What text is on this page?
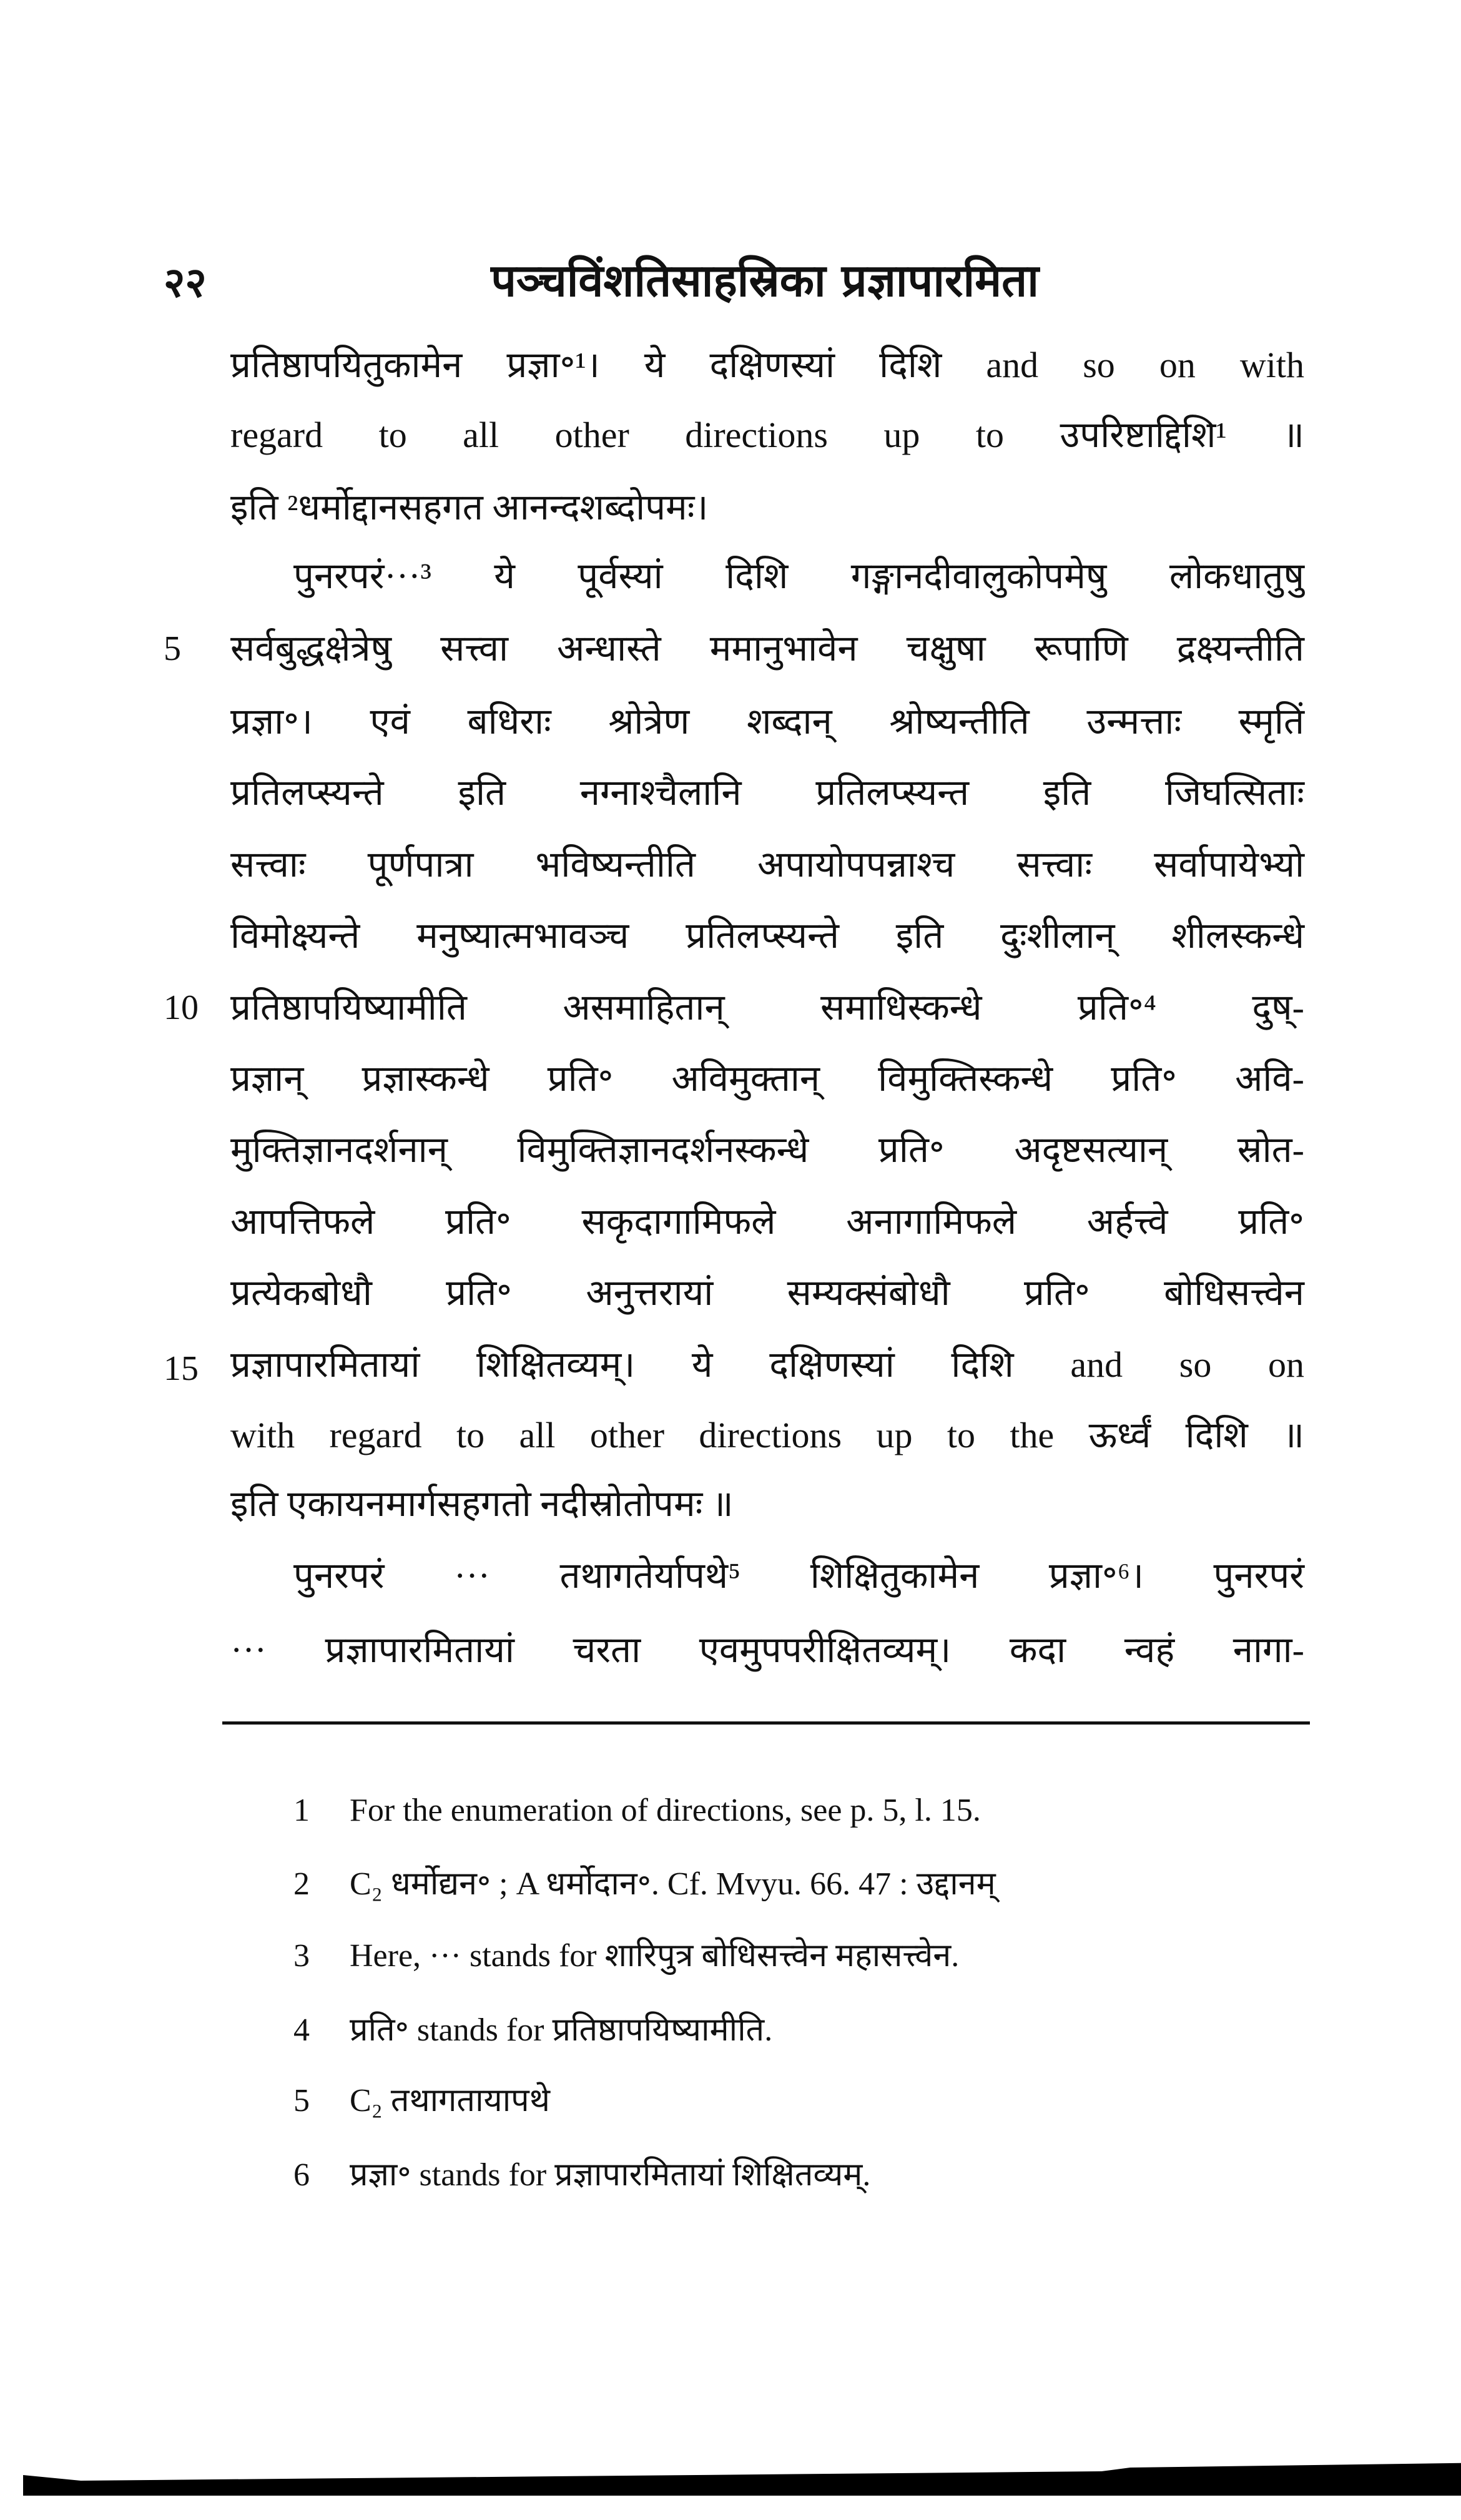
२२	पञ्चविंशतिसाहस्रिका प्रज्ञापारमिता
प्रतिष्ठापयितुकामेन प्रज्ञा॰¹। ये दक्षिणस्यां दिशि and so on with
regard to all other directions up to उपरिष्टाद्दिशि¹ ॥
इति ²धर्मोद्दानसहगत आनन्दशब्दोपमः।
पुनरपरं···³ ये पूर्वस्यां दिशि गङ्गानदीवालुकोपमेषु लोकधातुषु
5	सर्वबुद्धक्षेत्रेषु सत्त्वा अन्धास्ते ममानुभावेन चक्षुषा रूपाणि द्रक्ष्यन्तीति
प्रज्ञा॰। एवं बधिराः श्रोत्रेण शब्दान् श्रोष्यन्तीति उन्मत्ताः स्मृतिं
प्रतिलप्स्यन्ते इति नग्नाश्चैलानि प्रतिलप्स्यन्त इति जिघत्सिताः
सत्त्वाः पूर्णपात्रा भविष्यन्तीति अपायोपपन्नाश्च सत्त्वाः सर्वापायेभ्यो
विमोक्ष्यन्ते मनुष्यात्मभावञ्च प्रतिलप्स्यन्ते इति दुःशीलान् शीलस्कन्धे
10 प्रतिष्ठापयिष्यामीति असमाहितान् समाधिस्कन्धे प्रति॰⁴ दुष्-
प्रज्ञान् प्रज्ञास्कन्धे प्रति॰ अविमुक्तान् विमुक्तिस्कन्धे प्रति॰ अवि-
मुक्तिज्ञानदर्शनान् विमुक्तिज्ञानदर्शनस्कन्धे प्रति॰ अदृष्टसत्यान् स्रोत-
आपत्तिफले प्रति॰ सकृदागामिफले अनागामिफले अर्हत्त्वे प्रति॰
प्रत्येकबोधौ प्रति॰ अनुत्तरायां सम्यक्संबोधौ प्रति॰ बोधिसत्त्वेन
15 प्रज्ञापारमितायां शिक्षितव्यम्। ये दक्षिणस्यां दिशि and so on
with regard to all other directions up to the ऊर्ध्वं दिशि ॥
इति एकायनमार्गसहगतो नदीस्रोतोपमः ॥
पुनरपरं ··· तथागतेर्यापथे⁵ शिक्षितुकामेन प्रज्ञा॰⁶। पुनरपरं
··· प्रज्ञापारमितायां चरता एवमुपपरीक्षितव्यम्। कदा न्वहं नागा-
1 For the enumeration of directions, see p. 5, l. 15.
2 C₂ धर्मोद्यन॰ ; A धर्मोदान॰. Cf. Mvyu. 66. 47 : उद्दानम्
3 Here, ··· stands for शारिपुत्र बोधिसत्त्वेन महासत्त्वेन.
4 प्रति॰ stands for प्रतिष्ठापयिष्यामीति.
5 C₂ तथागतायापथे
6 प्रज्ञा॰ stands for प्रज्ञापारमितायां शिक्षितव्यम्.
